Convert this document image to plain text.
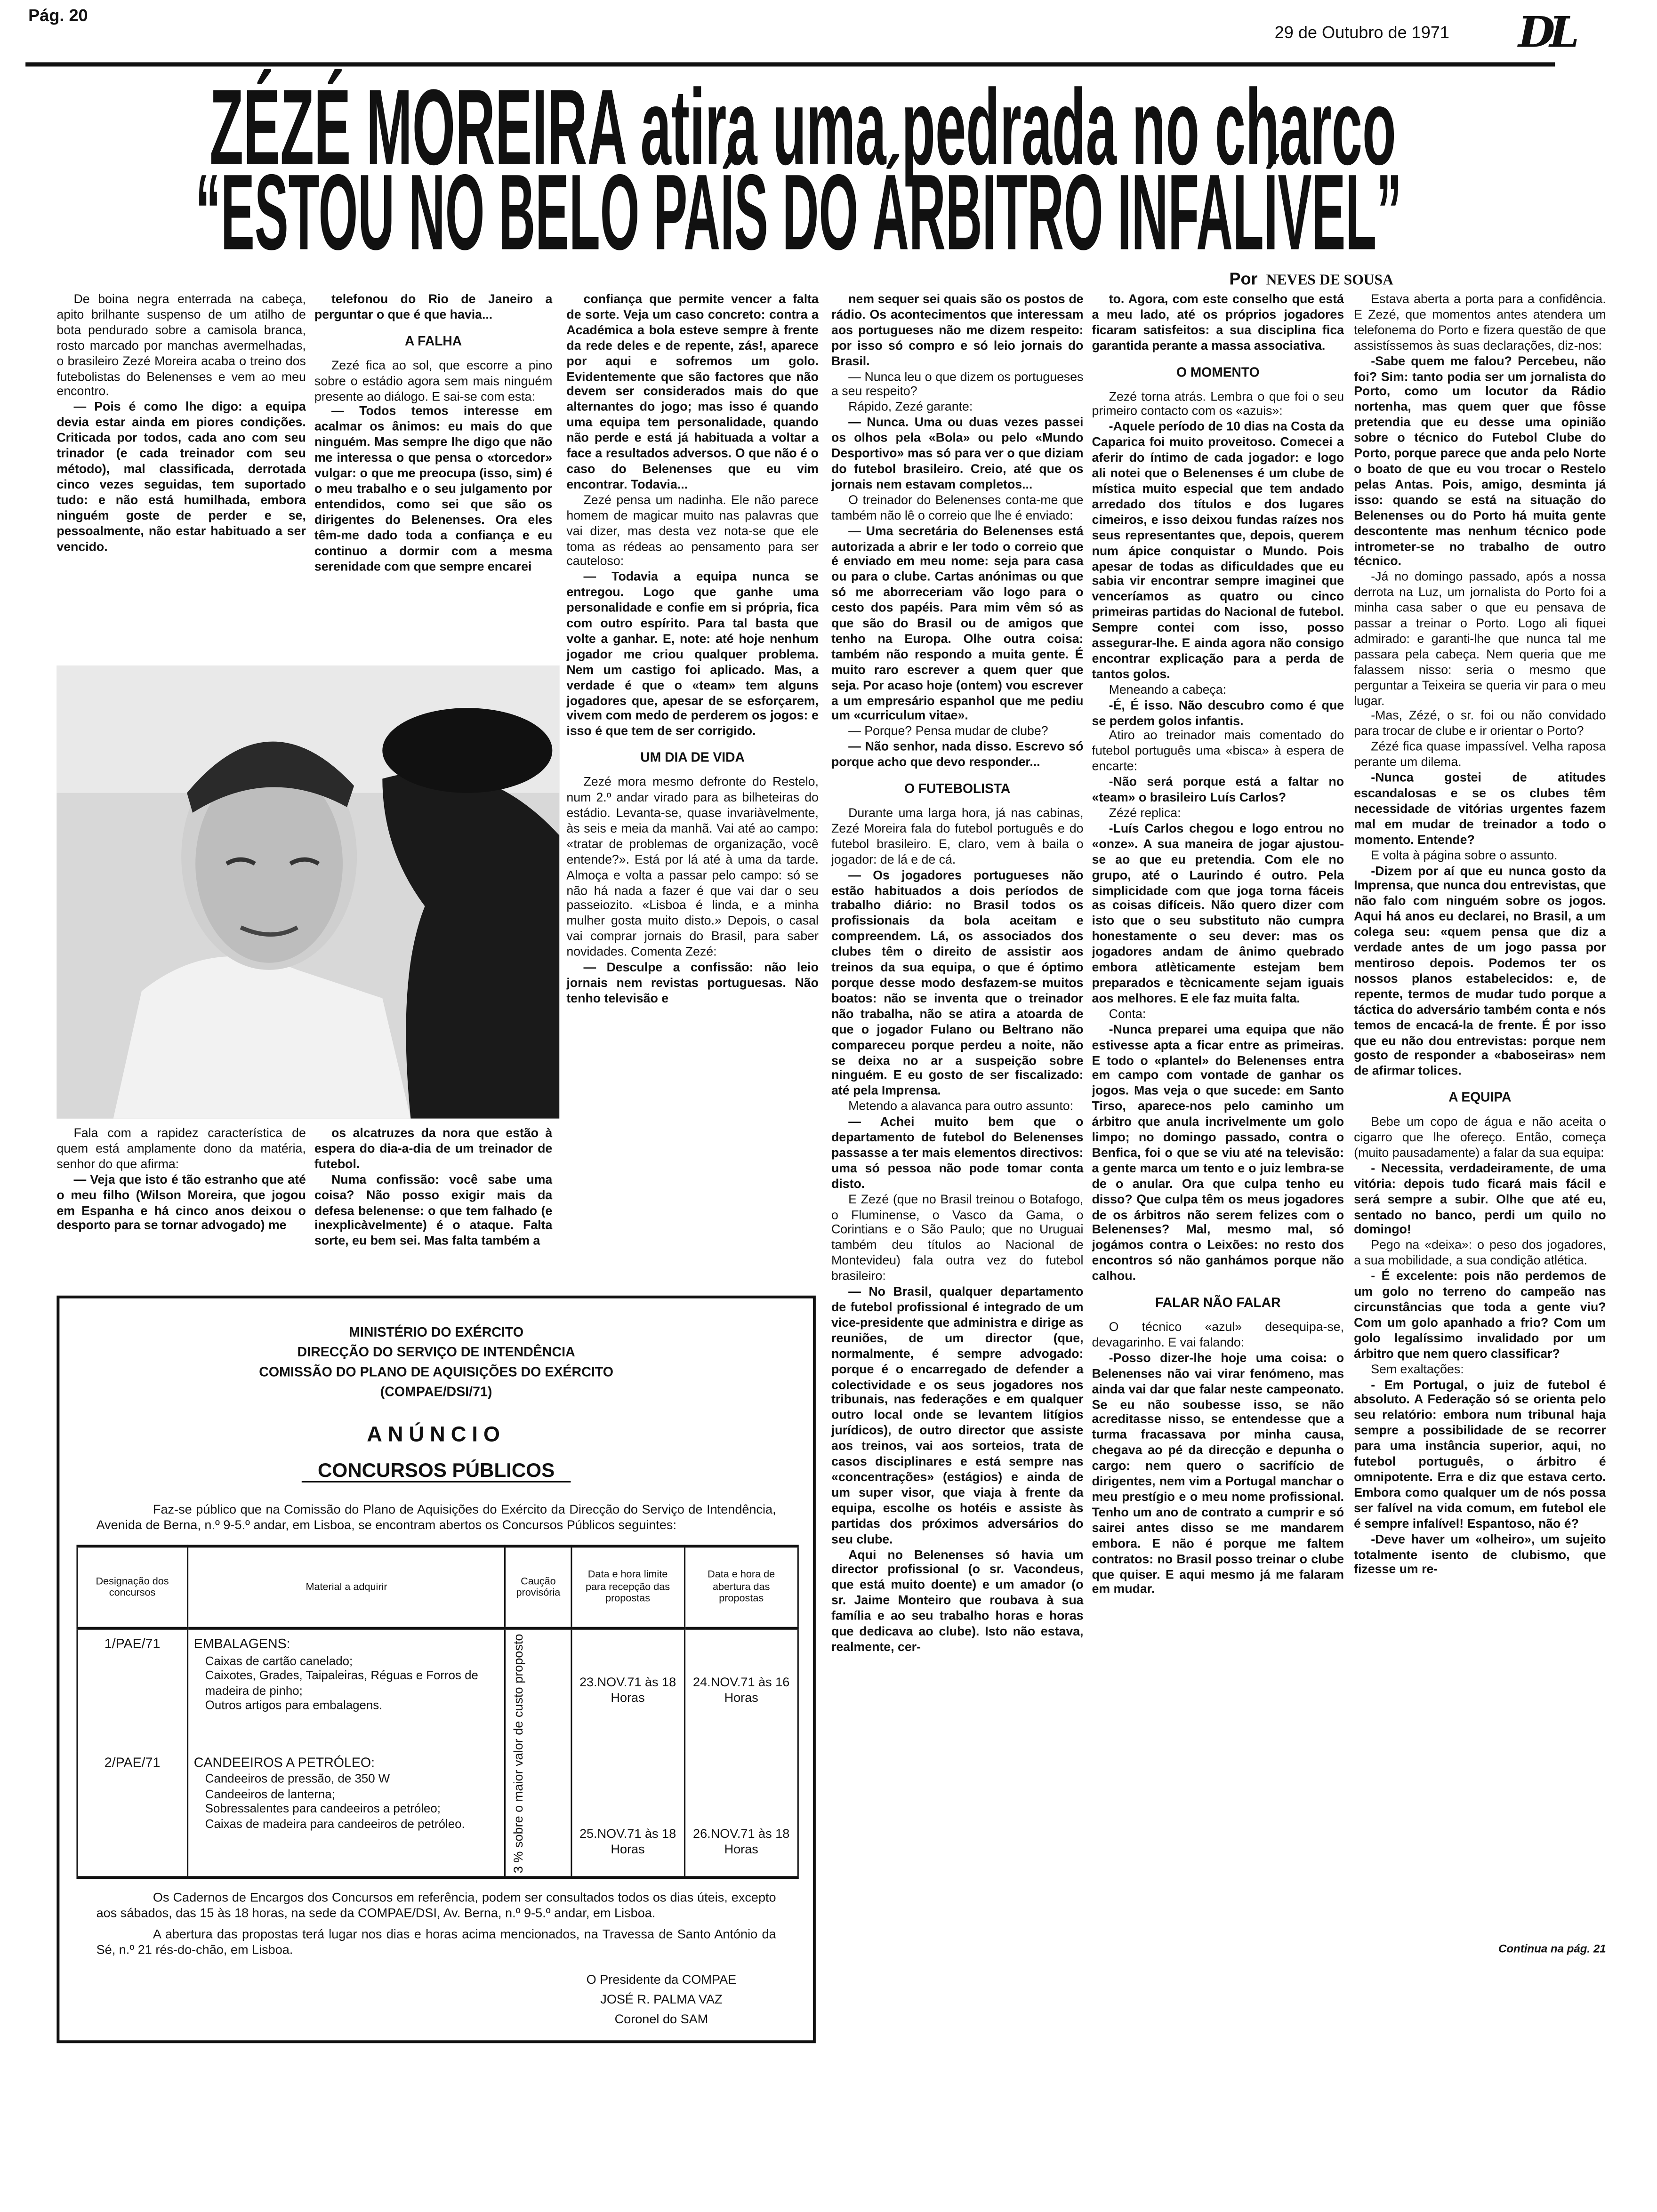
Pág. 20
29 de Outubro de 1971	DL
ZÉZÉ MOREIRA atira uma pedrada no charco
“ESTOU NO BELO PAÍS DO ÁRBITRO INFALÍVEL”
Por NEVES DE SOUSA

De boina negra enterrada na cabeça, apito brilhante suspenso de um atilho de bota pendurado sobre a camisola branca, rosto marcado por manchas avermelhadas, o brasileiro Zezé Moreira acaba o treino dos futebolistas do Belenenses e vem ao meu encontro.

— Pois é como lhe digo: a equipa devia estar ainda em piores condições. Criticada por todos, cada ano com seu trinador (e cada treinador com seu método), mal classificada, derrotada cinco vezes seguidas, tem suportado tudo: e não está humilhada, embora ninguém goste de perder e se, pessoalmente, não estar habituado a ser vencido.

telefonou do Rio de Janeiro a perguntar o que é que havia...

A FALHA

Zezé fica ao sol, que escorre a pino sobre o estádio agora sem mais ninguém presente ao diálogo. E sai-se com esta:

— Todos temos interesse em acalmar os ânimos: eu mais do que ninguém. Mas sempre lhe digo que não me interessa o que pensa o «torcedor» vulgar: o que me preocupa (isso, sim) é o meu trabalho e o seu julgamento por entendidos, como sei que são os dirigentes do Belenenses. Ora eles têm-me dado toda a confiança e eu continuo a dormir com a mesma serenidade com que sempre encarei

Fala com a rapidez característica de quem está amplamente dono da matéria, senhor do que afirma:

— Veja que isto é tão estranho que até o meu filho (Wilson Moreira, que jogou em Espanha e há cinco anos deixou o desporto para se tornar advogado) me

os alcatruzes da nora que estão à espera do dia-a-dia de um treinador de futebol.

Numa confissão: você sabe uma coisa? Não posso exigir mais da defesa belenense: o que tem falhado (e inexplicàvelmente) é o ataque. Falta sorte, eu bem sei. Mas falta também a

confiança que permite vencer a falta de sorte. Veja um caso concreto: contra a Académica a bola esteve sempre à frente da rede deles e de repente, zás!, aparece por aqui e sofremos um golo. Evidentemente que são factores que não devem ser considerados mais do que alternantes do jogo; mas isso é quando uma equipa tem personalidade, quando não perde e está já habituada a voltar a face a resultados adversos. O que não é o caso do Belenenses que eu vim encontrar. Todavia...

Zezé pensa um nadinha. Ele não parece homem de magicar muito nas palavras que vai dizer, mas desta vez nota-se que ele toma as rédeas ao pensamento para ser cauteloso:

— Todavia a equipa nunca se entregou. Logo que ganhe uma personalidade e confie em si própria, fica com outro espírito. Para tal basta que volte a ganhar. E, note: até hoje nenhum jogador me criou qualquer problema. Nem um castigo foi aplicado. Mas, a verdade é que o «team» tem alguns jogadores que, apesar de se esforçarem, vivem com medo de perderem os jogos: e isso é que tem de ser corrigido.

UM DIA DE VIDA

Zezé mora mesmo defronte do Restelo, num 2.º andar virado para as bilheteiras do estádio. Levanta-se, quase invariàvelmente, às seis e meia da manhã. Vai até ao campo: «tratar de problemas de organização, você entende?». Está por lá até à uma da tarde. Almoça e volta a passar pelo campo: só se não há nada a fazer é que vai dar o seu passeiozito. «Lisboa é linda, e a minha mulher gosta muito disto.» Depois, o casal vai comprar jornais do Brasil, para saber novidades. Comenta Zezé:

— Desculpe a confissão: não leio jornais nem revistas portuguesas. Não tenho televisão e

nem sequer sei quais são os postos de rádio. Os acontecimentos que interessam aos portugueses não me dizem respeito: por isso só compro e só leio jornais do Brasil.

— Nunca leu o que dizem os portugueses a seu respeito?

Rápido, Zezé garante:

— Nunca. Uma ou duas vezes passei os olhos pela «Bola» ou pelo «Mundo Desportivo» mas só para ver o que diziam do futebol brasileiro. Creio, até que os jornais nem estavam completos...

O treinador do Belenenses conta-me que também não lê o correio que lhe é enviado:

— Uma secretária do Belenenses está autorizada a abrir e ler todo o correio que é enviado em meu nome: seja para casa ou para o clube. Cartas anónimas ou que só me aborreceriam vão logo para o cesto dos papéis. Para mim vêm só as que são do Brasil ou de amigos que tenho na Europa. Olhe outra coisa: também não respondo a muita gente. É muito raro escrever a quem quer que seja. Por acaso hoje (ontem) vou escrever a um empresário espanhol que me pediu um «curriculum vitae».

— Porque? Pensa mudar de clube?

— Não senhor, nada disso. Escrevo só porque acho que devo responder...

O FUTEBOLISTA

Durante uma larga hora, já nas cabinas, Zezé Moreira fala do futebol português e do futebol brasileiro. E, claro, vem à baila o jogador: de lá e de cá.

— Os jogadores portugueses não estão habituados a dois períodos de trabalho diário: no Brasil todos os profissionais da bola aceitam e compreendem. Lá, os associados dos clubes têm o direito de assistir aos treinos da sua equipa, o que é óptimo porque desse modo desfazem-se muitos boatos: não se inventa que o treinador não trabalha, não se atira a atoarda de que o jogador Fulano ou Beltrano não compareceu porque perdeu a noite, não se deixa no ar a suspeição sobre ninguém. E eu gosto de ser fiscalizado: até pela Imprensa.

Metendo a alavanca para outro assunto:

— Achei muito bem que o departamento de futebol do Belenenses passasse a ter mais elementos directivos: uma só pessoa não pode tomar conta disto.

E Zezé (que no Brasil treinou o Botafogo, o Fluminense, o Vasco da Gama, o Corintians e o São Paulo; que no Uruguai também deu títulos ao Nacional de Montevideu) fala outra vez do futebol brasileiro:

— No Brasil, qualquer departamento de futebol profissional é integrado de um vice-presidente que administra e dirige as reuniões, de um director (que, normalmente, é sempre advogado: porque é o encarregado de defender a colectividade e os seus jogadores nos tribunais, nas federações e em qualquer outro local onde se levantem litígios jurídicos), de outro director que assiste aos treinos, vai aos sorteios, trata de casos disciplinares e está sempre nas «concentrações» (estágios) e ainda de um super visor, que viaja à frente da equipa, escolhe os hotéis e assiste às partidas dos próximos adversários do seu clube.

Aqui no Belenenses só havia um director profissional (o sr. Vacondeus, que está muito doente) e um amador (o sr. Jaime Monteiro que roubava à sua família e ao seu trabalho horas e horas que dedicava ao clube). Isto não estava, realmente, cer-

to. Agora, com este conselho que está a meu lado, até os próprios jogadores ficaram satisfeitos: a sua disciplina fica garantida perante a massa associativa.

O MOMENTO

Zezé torna atrás. Lembra o que foi o seu primeiro contacto com os «azuis»:

-Aquele período de 10 dias na Costa da Caparica foi muito proveitoso. Comecei a aferir do íntimo de cada jogador: e logo ali notei que o Belenenses é um clube de mística muito especial que tem andado arredado dos títulos e dos lugares cimeiros, e isso deixou fundas raízes nos seus representantes que, depois, querem num ápice conquistar o Mundo. Pois apesar de todas as dificuldades que eu sabia vir encontrar sempre imaginei que venceríamos as quatro ou cinco primeiras partidas do Nacional de futebol. Sempre contei com isso, posso assegurar-lhe. E ainda agora não consigo encontrar explicação para a perda de tantos golos.

Meneando a cabeça:

-É, É isso. Não descubro como é que se perdem golos infantis.

Atiro ao treinador mais comentado do futebol português uma «bisca» à espera de encarte:

-Não será porque está a faltar no «team» o brasileiro Luís Carlos?

Zézé replica:

-Luís Carlos chegou e logo entrou no «onze». A sua maneira de jogar ajustou-se ao que eu pretendia. Com ele no grupo, até o Laurindo é outro. Pela simplicidade com que joga torna fáceis as coisas difíceis. Não quero dizer com isto que o seu substituto não cumpra honestamente o seu dever: mas os jogadores andam de ânimo quebrado embora atlèticamente estejam bem preparados e tècnicamente sejam iguais aos melhores. E ele faz muita falta.

Conta:

-Nunca preparei uma equipa que não estivesse apta a ficar entre as primeiras. E todo o «plantel» do Belenenses entra em campo com vontade de ganhar os jogos. Mas veja o que sucede: em Santo Tirso, aparece-nos pelo caminho um árbitro que anula incrivelmente um golo limpo; no domingo passado, contra o Benfica, foi o que se viu até na televisão: a gente marca um tento e o juiz lembra-se de o anular. Ora que culpa tenho eu disso? Que culpa têm os meus jogadores de os árbitros não serem felizes com o Belenenses? Mal, mesmo mal, só jogámos contra o Leixões: no resto dos encontros só não ganhámos porque não calhou.

FALAR NÃO FALAR

O técnico «azul» desequipa-se, devagarinho. E vai falando:

-Posso dizer-lhe hoje uma coisa: o Belenenses não vai virar fenómeno, mas ainda vai dar que falar neste campeonato. Se eu não soubesse isso, se não acreditasse nisso, se entendesse que a turma fracassava por minha causa, chegava ao pé da direcção e depunha o cargo: nem quero o sacrifício de dirigentes, nem vim a Portugal manchar o meu prestígio e o meu nome profissional. Tenho um ano de contrato a cumprir e só sairei antes disso se me mandarem embora. E não é porque me faltem contratos: no Brasil posso treinar o clube que quiser. E aqui mesmo já me falaram em mudar.

Estava aberta a porta para a confidência. E Zezé, que momentos antes atendera um telefonema do Porto e fizera questão de que assistíssemos às suas declarações, diz-nos:

-Sabe quem me falou? Percebeu, não foi? Sim: tanto podia ser um jornalista do Porto, como um locutor da Rádio nortenha, mas quem quer que fôsse pretendia que eu desse uma opinião sobre o técnico do Futebol Clube do Porto, porque parece que anda pelo Norte o boato de que eu vou trocar o Restelo pelas Antas. Pois, amigo, desminta já isso: quando se está na situação do Belenenses ou do Porto há muita gente descontente mas nenhum técnico pode intrometer-se no trabalho de outro técnico.

-Já no domingo passado, após a nossa derrota na Luz, um jornalista do Porto foi a minha casa saber o que eu pensava de passar a treinar o Porto. Logo ali fiquei admirado: e garanti-lhe que nunca tal me passara pela cabeça. Nem queria que me falassem nisso: seria o mesmo que perguntar a Teixeira se queria vir para o meu lugar.

-Mas, Zézé, o sr. foi ou não convidado para trocar de clube e ir orientar o Porto?

Zézé fica quase impassível. Velha raposa perante um dilema.

-Nunca gostei de atitudes escandalosas e se os clubes têm necessidade de vitórias urgentes fazem mal em mudar de treinador a todo o momento. Entende?

E volta à página sobre o assunto.

-Dizem por aí que eu nunca gosto da Imprensa, que nunca dou entrevistas, que não falo com ninguém sobre os jogos. Aqui há anos eu declarei, no Brasil, a um colega seu: «quem pensa que diz a verdade antes de um jogo passa por mentiroso depois. Podemos ter os nossos planos estabelecidos: e, de repente, termos de mudar tudo porque a táctica do adversário também conta e nós temos de encacá-la de frente. É por isso que eu não dou entrevistas: porque nem gosto de responder a «baboseiras» nem de afirmar tolices.

A EQUIPA

Bebe um copo de água e não aceita o cigarro que lhe ofereço. Então, começa (muito pausadamente) a falar da sua equipa:

- Necessita, verdadeiramente, de uma vitória: depois tudo ficará mais fácil e será sempre a subir. Olhe que até eu, sentado no banco, perdi um quilo no domingo!

Pego na «deixa»: o peso dos jogadores, a sua mobilidade, a sua condição atlética.

- É excelente: pois não perdemos de um golo no terreno do campeão nas circunstâncias que toda a gente viu? Com um golo apanhado a frio? Com um golo legalíssimo invalidado por um árbitro que nem quero classificar?

Sem exaltações:

- Em Portugal, o juiz de futebol é absoluto. A Federação só se orienta pelo seu relatório: embora num tribunal haja sempre a possibilidade de se recorrer para uma instância superior, aqui, no futebol português, o árbitro é omnipotente. Erra e diz que estava certo. Embora como qualquer um de nós possa ser falível na vida comum, em futebol ele é sempre infalível! Espantoso, não é?

-Deve haver um «olheiro», um sujeito totalmente isento de clubismo, que fizesse um re-

Continua na pág. 21
MINISTÉRIO DO EXÉRCITO
DIRECÇÃO DO SERVIÇO DE INTENDÊNCIA
COMISSÃO DO PLANO DE AQUISIÇÕES DO EXÉRCITO
(COMPAE/DSI/71)
ANÚNCIO
CONCURSOS PÚBLICOS
Faz-se público que na Comissão do Plano de Aquisições do Exército da Direcção do Serviço de Intendência, Avenida de Berna, n.º 9-5.º andar, em Lisboa, se encontram abertos os Concursos Públicos seguintes:
Designação dos concursos	Material a adquirir	Caução provisória	Data e hora limite para recepção das propostas	Data e hora de abertura das propostas
1/PAE/71	EMBALAGENS:
Caixas de cartão canelado;
Caixotes, Grades, Taipaleiras, Réguas e Forros de madeira de pinho;
Outros artigos para embalagens.	3 % sobre o maior valor de custo proposto	23.NOV.71 às 18 Horas	24.NOV.71 às 16 Horas
2/PAE/71	CANDEEIROS A PETRÓLEO:
Candeeiros de pressão, de 350 W
Candeeiros de lanterna;
Sobressalentes para candeeiros a petróleo;
Caixas de madeira para candeeiros de petróleo.		25.NOV.71 às 18 Horas	26.NOV.71 às 18 Horas
Os Cadernos de Encargos dos Concursos em referência, podem ser consultados todos os dias úteis, excepto aos sábados, das 15 às 18 horas, na sede da COMPAE/DSI, Av. Berna, n.º 9-5.º andar, em Lisboa.
A abertura das propostas terá lugar nos dias e horas acima mencionados, na Travessa de Santo António da Sé, n.º 21 rés-do-chão, em Lisboa.
O Presidente da COMPAE
JOSÉ R. PALMA VAZ
Coronel do SAM
